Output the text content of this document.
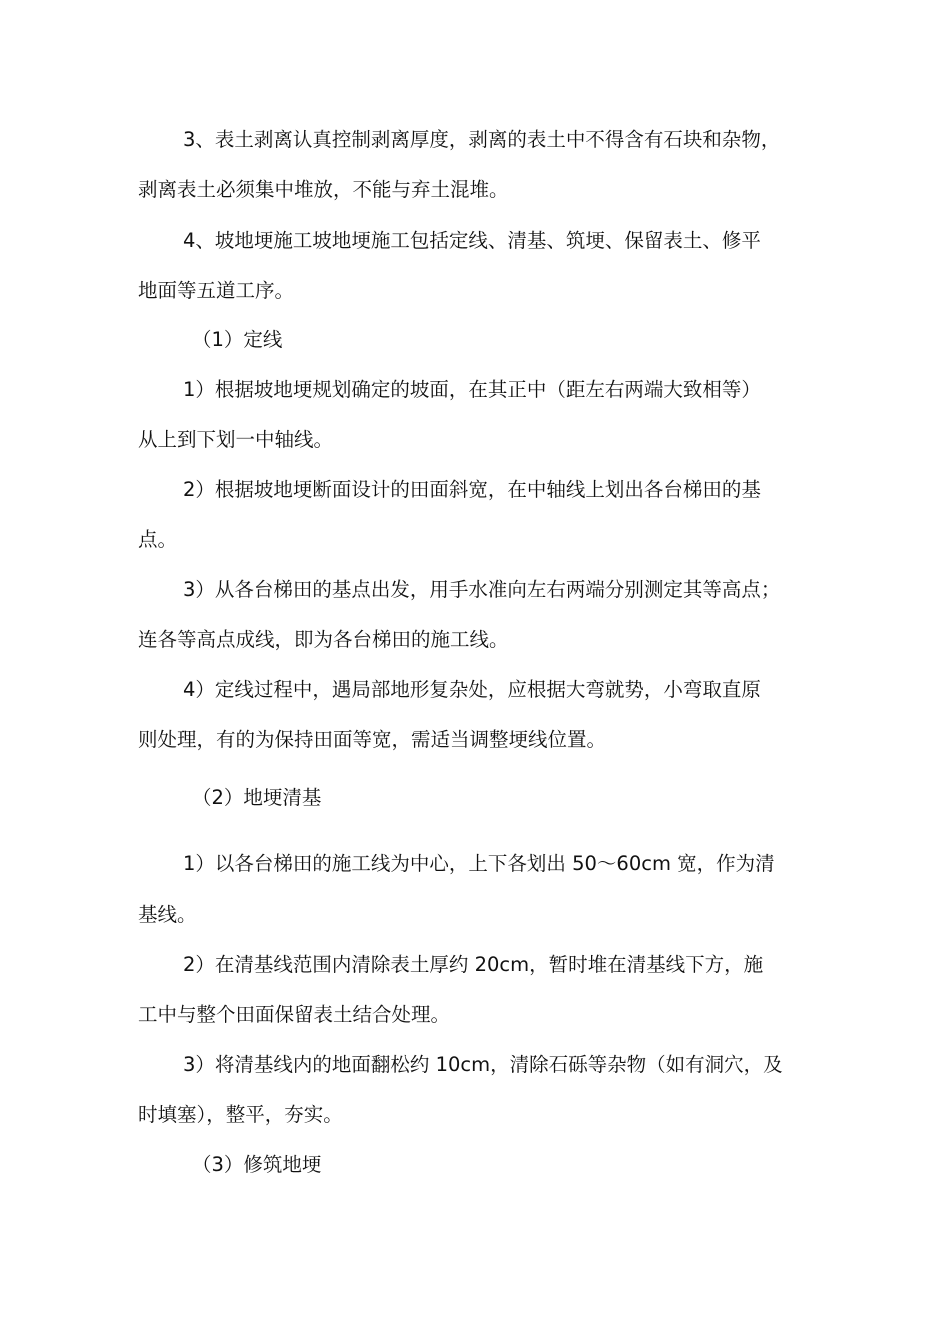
3、表土剥离认真控制剥离厚度，剥离的表土中不得含有石块和杂物，
剥离表土必须集中堆放，不能与弃土混堆。
4、坡地埂施工坡地埂施工包括定线、清基、筑埂、保留表土、修平
地面等五道工序。
（1）定线
1）根据坡地埂规划确定的坡面，在其正中（距左右两端大致相等）
从上到下划一中轴线。
2）根据坡地埂断面设计的田面斜宽，在中轴线上划出各台梯田的基
点。
3）从各台梯田的基点出发，用手水准向左右两端分别测定其等高点；
连各等高点成线，即为各台梯田的施工线。
4）定线过程中，遇局部地形复杂处，应根据大弯就势，小弯取直原
则处理，有的为保持田面等宽，需适当调整埂线位置。
（2）地埂清基
1）以各台梯田的施工线为中心，上下各划出 50〜60cm 宽，作为清
基线。
2）在清基线范围内清除表土厚约 20cm，暂时堆在清基线下方，施
工中与整个田面保留表土结合处理。
3）将清基线内的地面翻松约 10cm，清除石砾等杂物（如有洞穴，及
时填塞），整平，夯实。
（3）修筑地埂
